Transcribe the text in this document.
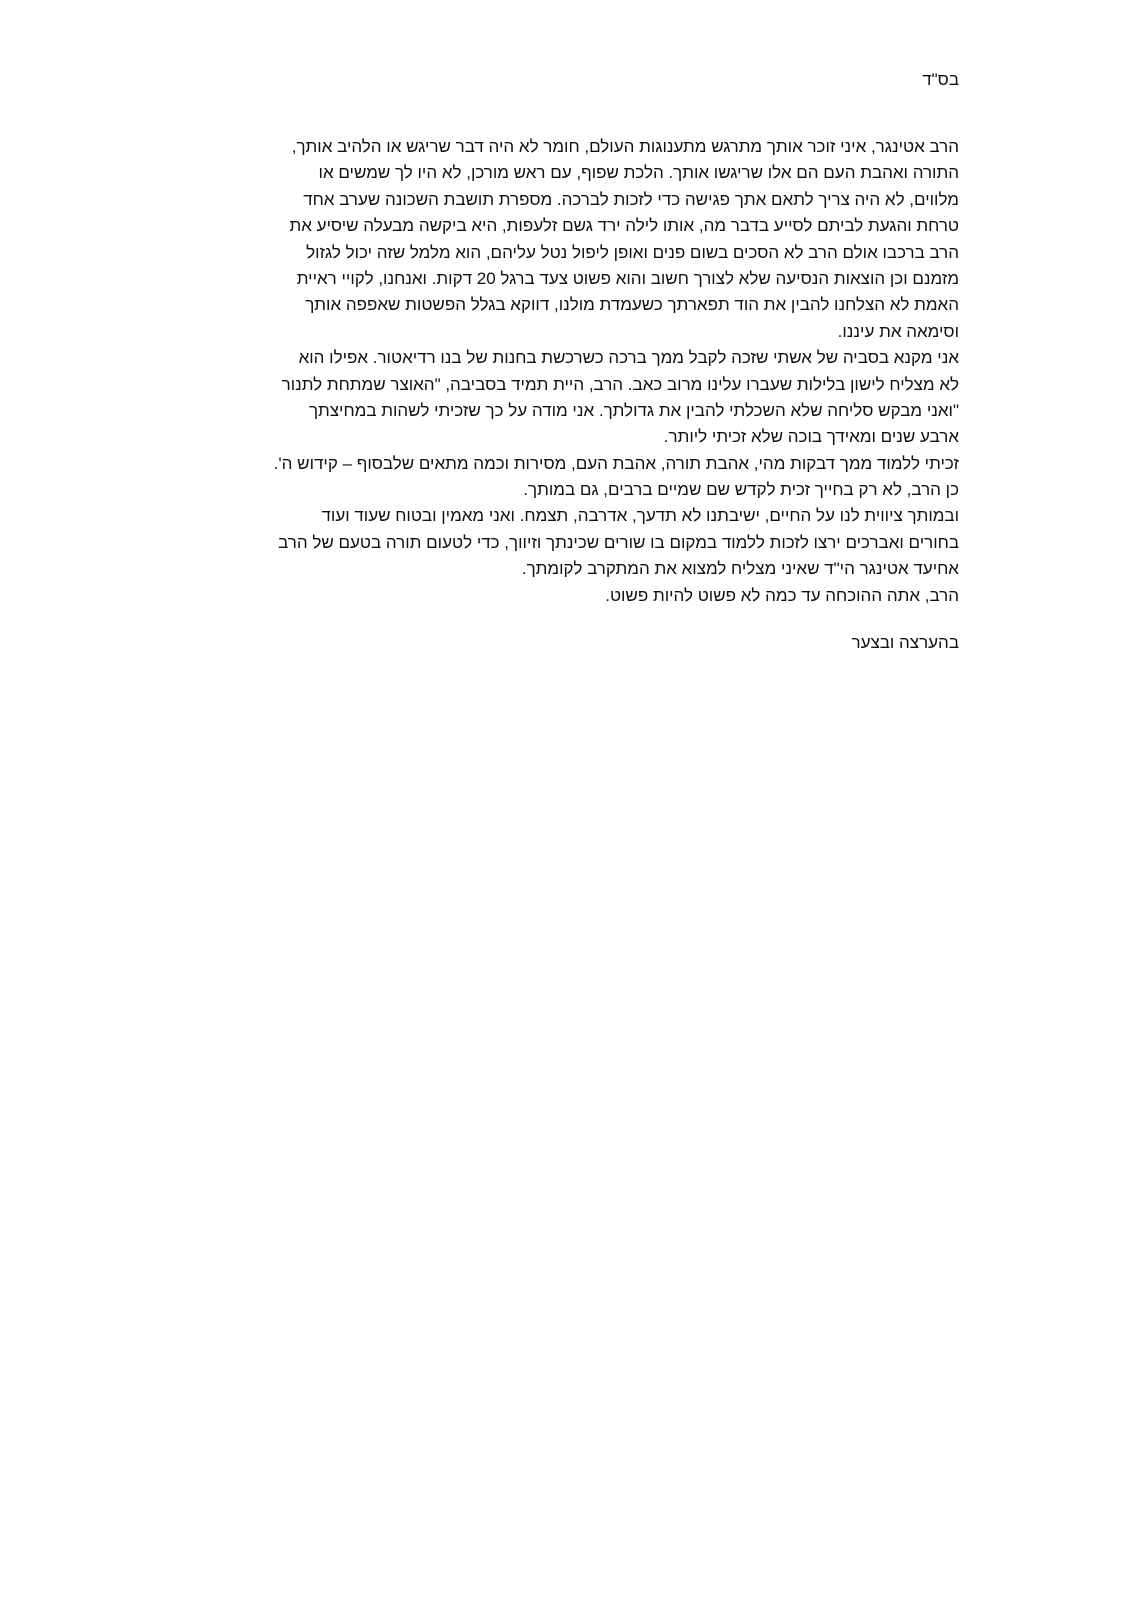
בס"ד
הרב אטינגר, איני זוכר אותך מתרגש מתענוגות העולם, חומר לא היה דבר שריגש או הלהיב אותך,
התורה ואהבת העם הם אלו שריגשו אותך. הלכת שפוף, עם ראש מורכן, לא היו לך שמשים או
מלווים, לא היה צריך לתאם אתך פגישה כדי לזכות לברכה. מספרת תושבת השכונה שערב אחד
טרחת והגעת לביתם לסייע בדבר מה, אותו לילה ירד גשם זלעפות, היא ביקשה מבעלה שיסיע את
הרב ברכבו אולם הרב לא הסכים בשום פנים ואופן ליפול נטל עליהם, הוא מלמל שזה יכול לגזול
מזמנם וכן הוצאות הנסיעה שלא לצורך חשוב והוא פשוט צעד ברגל 20 דקות. ואנחנו, לקויי ראיית
האמת לא הצלחנו להבין את הוד תפארתך כשעמדת מולנו, דווקא בגלל הפשטות שאפפה אותך
וסימאה את עיננו.
אני מקנא בסביה של אשתי שזכה לקבל ממך ברכה כשרכשת בחנות של בנו רדיאטור. אפילו הוא
לא מצליח לישון בלילות שעברו עלינו מרוב כאב. הרב, היית תמיד בסביבה, "האוצר שמתחת לתנור
"ואני מבקש סליחה שלא השכלתי להבין את גדולתך. אני מודה על כך שזכיתי לשהות במחיצתך
ארבע שנים ומאידך בוכה שלא זכיתי ליותר.
זכיתי ללמוד ממך דבקות מהי, אהבת תורה, אהבת העם, מסירות וכמה מתאים שלבסוף – קידוש ה'.
כן הרב, לא רק בחייך זכית לקדש שם שמיים ברבים, גם במותך.
ובמותך ציווית לנו על החיים, ישיבתנו לא תדעך, אדרבה, תצמח. ואני מאמין ובטוח שעוד ועוד
בחורים ואברכים ירצו לזכות ללמוד במקום בו שורים שכינתך וזיווך, כדי לטעום תורה בטעם של הרב
אחיעד אטינגר הי"ד שאיני מצליח למצוא את המתקרב לקומתך.
הרב, אתה ההוכחה עד כמה לא פשוט להיות פשוט.
בהערצה ובצער
